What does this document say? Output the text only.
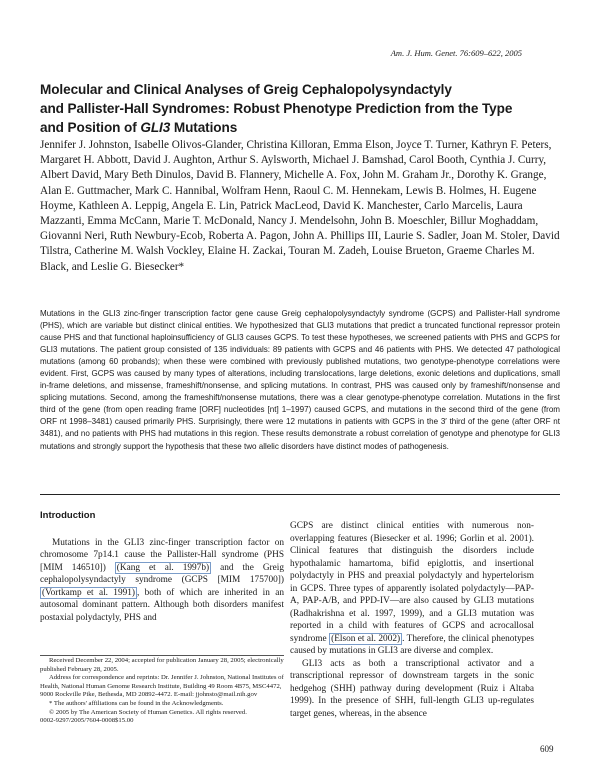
Am. J. Hum. Genet. 76:609–622, 2005
Molecular and Clinical Analyses of Greig Cephalopolysyndactyly
and Pallister-Hall Syndromes: Robust Phenotype Prediction from the Type
and Position of GLI3 Mutations
Jennifer J. Johnston, Isabelle Olivos-Glander, Christina Killoran, Emma Elson, Joyce T. Turner, Kathryn F. Peters, Margaret H. Abbott, David J. Aughton, Arthur S. Aylsworth, Michael J. Bamshad, Carol Booth, Cynthia J. Curry, Albert David, Mary Beth Dinulos, David B. Flannery, Michelle A. Fox, John M. Graham Jr., Dorothy K. Grange, Alan E. Guttmacher, Mark C. Hannibal, Wolfram Henn, Raoul C. M. Hennekam, Lewis B. Holmes, H. Eugene Hoyme, Kathleen A. Leppig, Angela E. Lin, Patrick MacLeod, David K. Manchester, Carlo Marcelis, Laura Mazzanti, Emma McCann, Marie T. McDonald, Nancy J. Mendelsohn, John B. Moeschler, Billur Moghaddam, Giovanni Neri, Ruth Newbury-Ecob, Roberta A. Pagon, John A. Phillips III, Laurie S. Sadler, Joan M. Stoler, David Tilstra, Catherine M. Walsh Vockley, Elaine H. Zackai, Touran M. Zadeh, Louise Brueton, Graeme Charles M. Black, and Leslie G. Biesecker*
Mutations in the GLI3 zinc-finger transcription factor gene cause Greig cephalopolysyndactyly syndrome (GCPS) and Pallister-Hall syndrome (PHS), which are variable but distinct clinical entities. We hypothesized that GLI3 mutations that predict a truncated functional repressor protein cause PHS and that functional haploinsufficiency of GLI3 causes GCPS. To test these hypotheses, we screened patients with PHS and GCPS for GLI3 mutations. The patient group consisted of 135 individuals: 89 patients with GCPS and 46 patients with PHS. We detected 47 pathological mutations (among 60 probands); when these were combined with previously published mutations, two genotype-phenotype correlations were evident. First, GCPS was caused by many types of alterations, including translocations, large deletions, exonic deletions and duplications, small in-frame deletions, and missense, frameshift/nonsense, and splicing mutations. In contrast, PHS was caused only by frameshift/nonsense and splicing mutations. Second, among the frameshift/nonsense mutations, there was a clear genotype-phenotype correlation. Mutations in the first third of the gene (from open reading frame [ORF] nucleotides [nt] 1–1997) caused GCPS, and mutations in the second third of the gene (from ORF nt 1998–3481) caused primarily PHS. Surprisingly, there were 12 mutations in patients with GCPS in the 3′ third of the gene (after ORF nt 3481), and no patients with PHS had mutations in this region. These results demonstrate a robust correlation of genotype and phenotype for GLI3 mutations and strongly support the hypothesis that these two allelic disorders have distinct modes of pathogenesis.
Introduction

Mutations in the GLI3 zinc-finger transcription factor on chromosome 7p14.1 cause the Pallister-Hall syndrome (PHS [MIM 146510]) (Kang et al. 1997b) and the Greig cephalopolysyndactyly syndrome (GCPS [MIM 175700]) (Vortkamp et al. 1991) , both of which are inherited in an autosomal dominant pattern. Although both disorders manifest postaxial polydactyly, PHS and

GCPS are distinct clinical entities with numerous non-overlapping features (Biesecker et al. 1996; Gorlin et al. 2001). Clinical features that distinguish the disorders include hypothalamic hamartoma, bifid epiglottis, and insertional polydactyly in PHS and preaxial polydactyly and hypertelorism in GCPS. Three types of apparently isolated polydactyly—PAP-A, PAP-A/B, and PPD-IV—are also caused by GLI3 mutations (Radhakrishna et al. 1997, 1999), and a GLI3 mutation was reported in a child with features of GCPS and acrocallosal syndrome (Elson et al. 2002) . Therefore, the clinical phenotypes caused by mutations in GLI3 are diverse and complex.

GLI3 acts as both a transcriptional activator and a transcriptional repressor of downstream targets in the sonic hedgehog (SHH) pathway during development (Ruiz i Altaba 1999). In the presence of SHH, full-length GLI3 up-regulates target genes, whereas, in the absence

Received December 22, 2004; accepted for publication January 28, 2005; electronically published February 28, 2005.

Address for correspondence and reprints: Dr. Jennifer J. Johnston, National Institutes of Health, National Human Genome Research Institute, Building 49 Room 4B75, MSC4472, 9000 Rockville Pike, Bethesda, MD 20892-4472. E-mail: jjohnsto@mail.nih.gov

* The authors' affiliations can be found in the Acknowledgments.

© 2005 by The American Society of Human Genetics. All rights reserved.

0002-9297/2005/7604-0008$15.00

609
